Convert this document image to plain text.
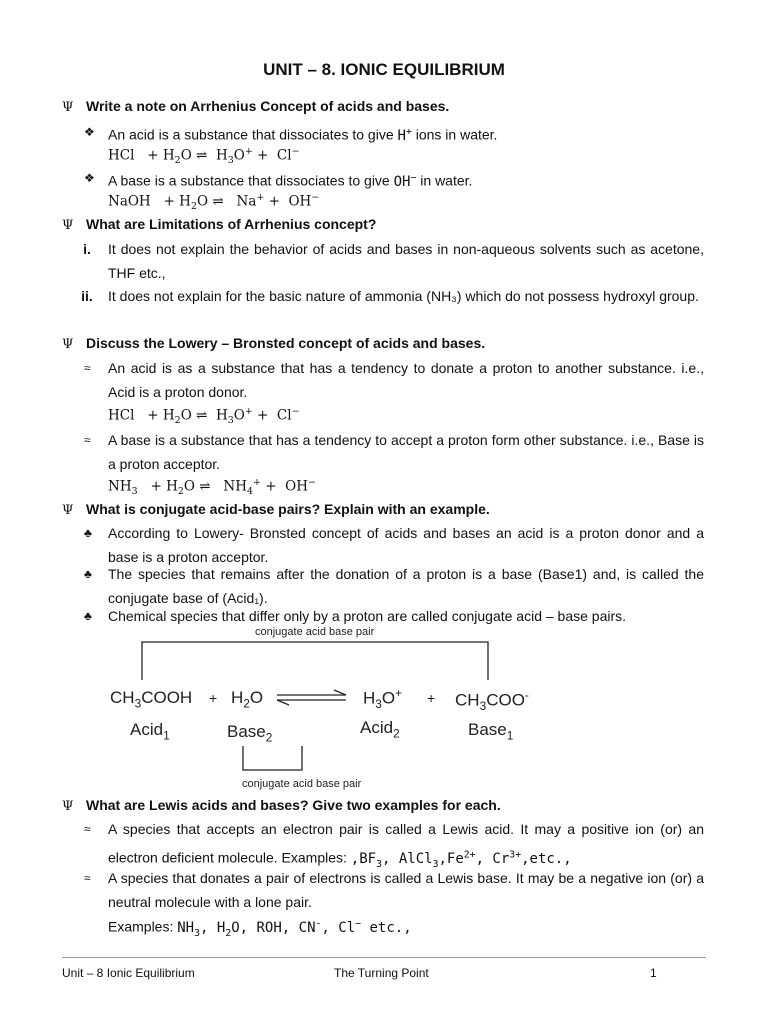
UNIT – 8. IONIC EQUILIBRIUM
Ψ Write a note on Arrhenius Concept of acids and bases.
❖ An acid is a substance that dissociates to give H+ ions in water.
HCl   + $H_2O$ ⇌  $H_3O^+ + Cl^-$
❖ A base is a substance that dissociates to give OH− in water.
NaOH   + $H_2O$ ⇌   Na+ +  OH−
Ψ What are Limitations of Arrhenius concept?
i.	It does not explain the behavior of acids and bases in non-aqueous solvents such as acetone, THF etc.,
ii.	It does not explain for the basic nature of ammonia (NH₃) which do not possess hydroxyl group.
Ψ Discuss the Lowery – Bronsted concept of acids and bases.
≈	An acid is as a substance that has a tendency to donate a proton to another substance. i.e., Acid is a proton donor.
HCl   + $H_2O$ ⇌  $H_3O^+ + Cl^-$
≈	A base is a substance that has a tendency to accept a proton form other substance. i.e., Base is a proton acceptor.
$NH_3 + H_2O$ ⇌   $NH_4^+ + OH^-$
Ψ What is conjugate acid-base pairs? Explain with an example.
♣	According to Lowery- Bronsted concept of acids and bases an acid is a proton donor and a base is a proton acceptor.
♣	The species that remains after the donation of a proton is a base (Base1) and, is called the conjugate base of (Acid₁).
♣	Chemical species that differ only by a proton are called conjugate acid – base pairs.
conjugate acid base pair
$CH_3COOH + H_2O$	$H_3O^+ + CH_3COO^-$
Acid$_1$	Base$_2$
Acid$_2$	Base$_1$
conjugate acid base pair
Ψ What are Lewis acids and bases? Give two examples for each.
≈	A species that accepts an electron pair is called a Lewis acid. It may a positive ion (or) an electron deficient molecule. Examples: $,BF_3$, $AlCl_3,Fe^{2+}$, $Cr^{3+},etc$.,
≈	A species that donates a pair of electrons is called a Lewis base. It may be a negative ion (or) a neutral molecule with a lone pair.
Examples: $NH_3$, $H_2O$, ROH, CN-, Cl− etc.,
Unit – 8 Ionic Equilibrium	The Turning Point	1
